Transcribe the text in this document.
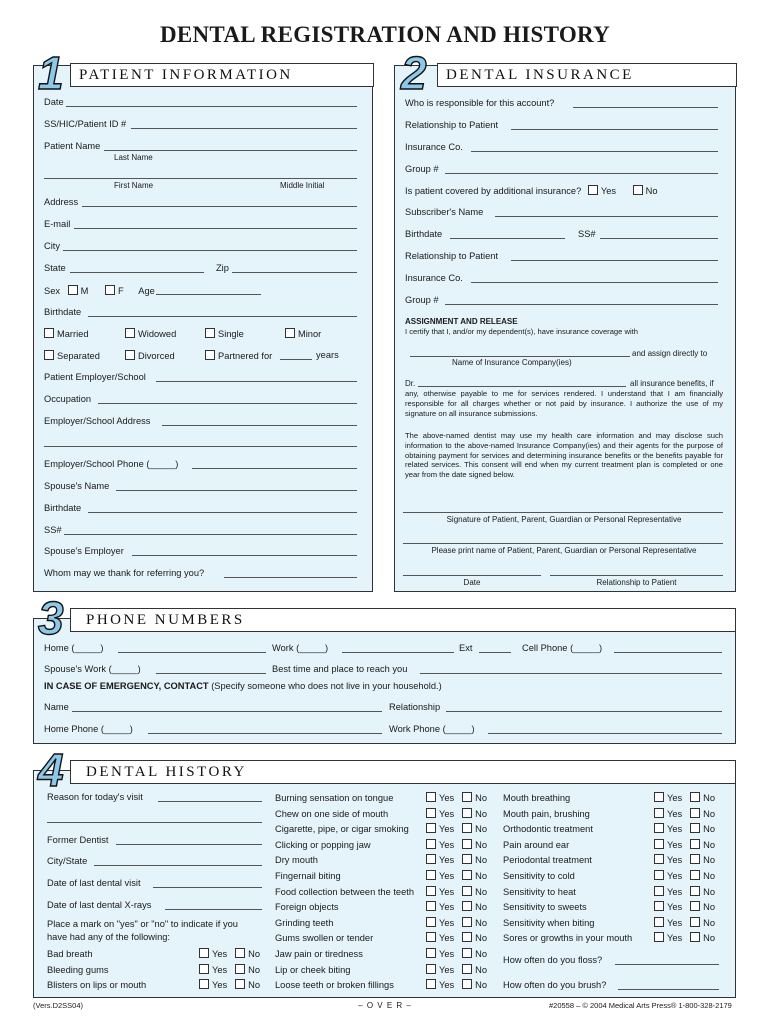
DENTAL REGISTRATION AND HISTORY
1 PATIENT INFORMATION
Date
SS/HIC/Patient ID #
Patient Name
Last Name
First Name	Middle Initial
Address
E-mail
City
State	Zip
Sex M	F Age
Birthdate
Married	Widowed	Single	Minor
Separated	Divorced	Partnered for	years
Patient Employer/School
Occupation
Employer/School Address
Employer/School Phone (_____)
Spouse's Name
Birthdate
SS#
Spouse's Employer
Whom may we thank for referring you?
2 DENTAL INSURANCE
Who is responsible for this account?
Relationship to Patient
Insurance Co.
Group #
Is patient covered by additional insurance? Yes	No
Subscriber's Name
Birthdate	SS#
Relationship to Patient
Insurance Co.
Group #
ASSIGNMENT AND RELEASE
I certify that I, and/or my dependent(s), have insurance coverage with
and assign directly to
Name of Insurance Company(ies)
Dr.	all insurance benefits, if
any, otherwise payable to me for services rendered. I understand that I am financially responsible for all charges whether or not paid by insurance. I authorize the use of my signature on all insurance submissions.
The above-named dentist may use my health care information and may disclose such information to the above-named Insurance Company(ies) and their agents for the purpose of obtaining payment for services and determining insurance benefits or the benefits payable for related services. This consent will end when my current treatment plan is completed or one year from the date signed below.
Signature of Patient, Parent, Guardian or Personal Representative
Please print name of Patient, Parent, Guardian or Personal Representative
Date	Relationship to Patient
3 PHONE NUMBERS
Home (_____)	Work (_____)	Ext	Cell Phone (_____)
Spouse's Work (_____)	Best time and place to reach you
IN CASE OF EMERGENCY, CONTACT (Specify someone who does not live in your household.)
Name	Relationship
Home Phone (_____)	Work Phone (_____)
4 DENTAL HISTORY
Reason for today's visit
Former Dentist
City/State
Date of last dental visit
Date of last dental X-rays
Place a mark on "yes" or "no" to indicate if you
have had any of the following:
Bad breath	Yes No
Bleeding gums	Yes No
Blisters on lips or mouth	Yes No
Burning sensation on tongue	Yes No
Chew on one side of mouth	Yes No
Cigarette, pipe, or cigar smoking	Yes No
Clicking or popping jaw	Yes No
Dry mouth	Yes No
Fingernail biting	Yes No
Food collection between the teeth	Yes No
Foreign objects	Yes No
Grinding teeth	Yes No
Gums swollen or tender	Yes No
Jaw pain or tiredness	Yes No
Lip or cheek biting	Yes No
Loose teeth or broken fillings	Yes No
Mouth breathing	Yes No
Mouth pain, brushing	Yes No
Orthodontic treatment	Yes No
Pain around ear	Yes No
Periodontal treatment	Yes No
Sensitivity to cold	Yes No
Sensitivity to heat	Yes No
Sensitivity to sweets	Yes No
Sensitivity when biting	Yes No
Sores or growths in your mouth	Yes No
How often do you floss?
How often do you brush?
(Vers.D2SS04)	– O V E R –	#20558 – © 2004 Medical Arts Press® 1-800-328-2179
